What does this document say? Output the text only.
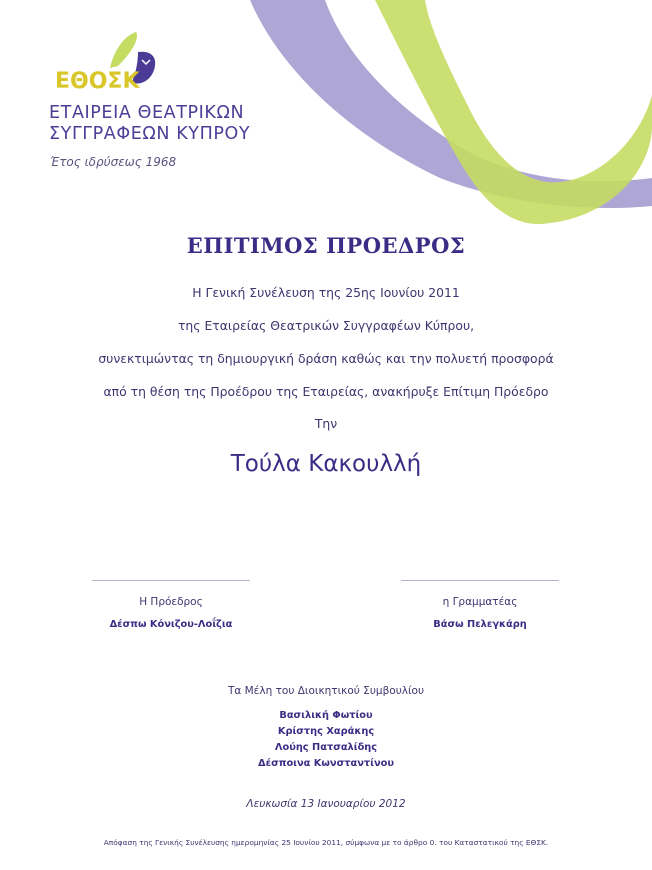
ΕΘΟΣΚ
ΕΤΑΙΡΕΙΑ ΘΕΑΤΡΙΚΩΝ
ΣΥΓΓΡΑΦΕΩΝ ΚΥΠΡΟΥ
Έτος ιδρύσεως 1968
ΕΠΙΤΙΜΟΣ ΠΡΟΕΔΡΟΣ
Η Γενική Συνέλευση της 25ης Ιουνίου 2011
της Εταιρείας Θεατρικών Συγγραφέων Κύπρου,
συνεκτιμώντας τη δημιουργική δράση καθώς και την πολυετή προσφορά
από τη θέση της Προέδρου της Εταιρείας, ανακήρυξε Επίτιμη Πρόεδρο
Την
Τούλα Κακουλλή
Η Πρόεδρος
Δέσπω Κόνιζου-Λοΐζια
η Γραμματέας
Βάσω Πελεγκάρη
Τα Μέλη του Διοικητικού Συμβουλίου
Βασιλική Φωτίου
Κρίστης Χαράκης
Λούης Πατσαλίδης
Δέσποινα Κωνσταντίνου
Λευκωσία 13 Ιανουαρίου 2012
Απόφαση της Γενικής Συνέλευσης ημερομηνίας 25 Ιουνίου 2011, σύμφωνα με το άρθρο 0. του Καταστατικού της ΕΘΣΚ.
